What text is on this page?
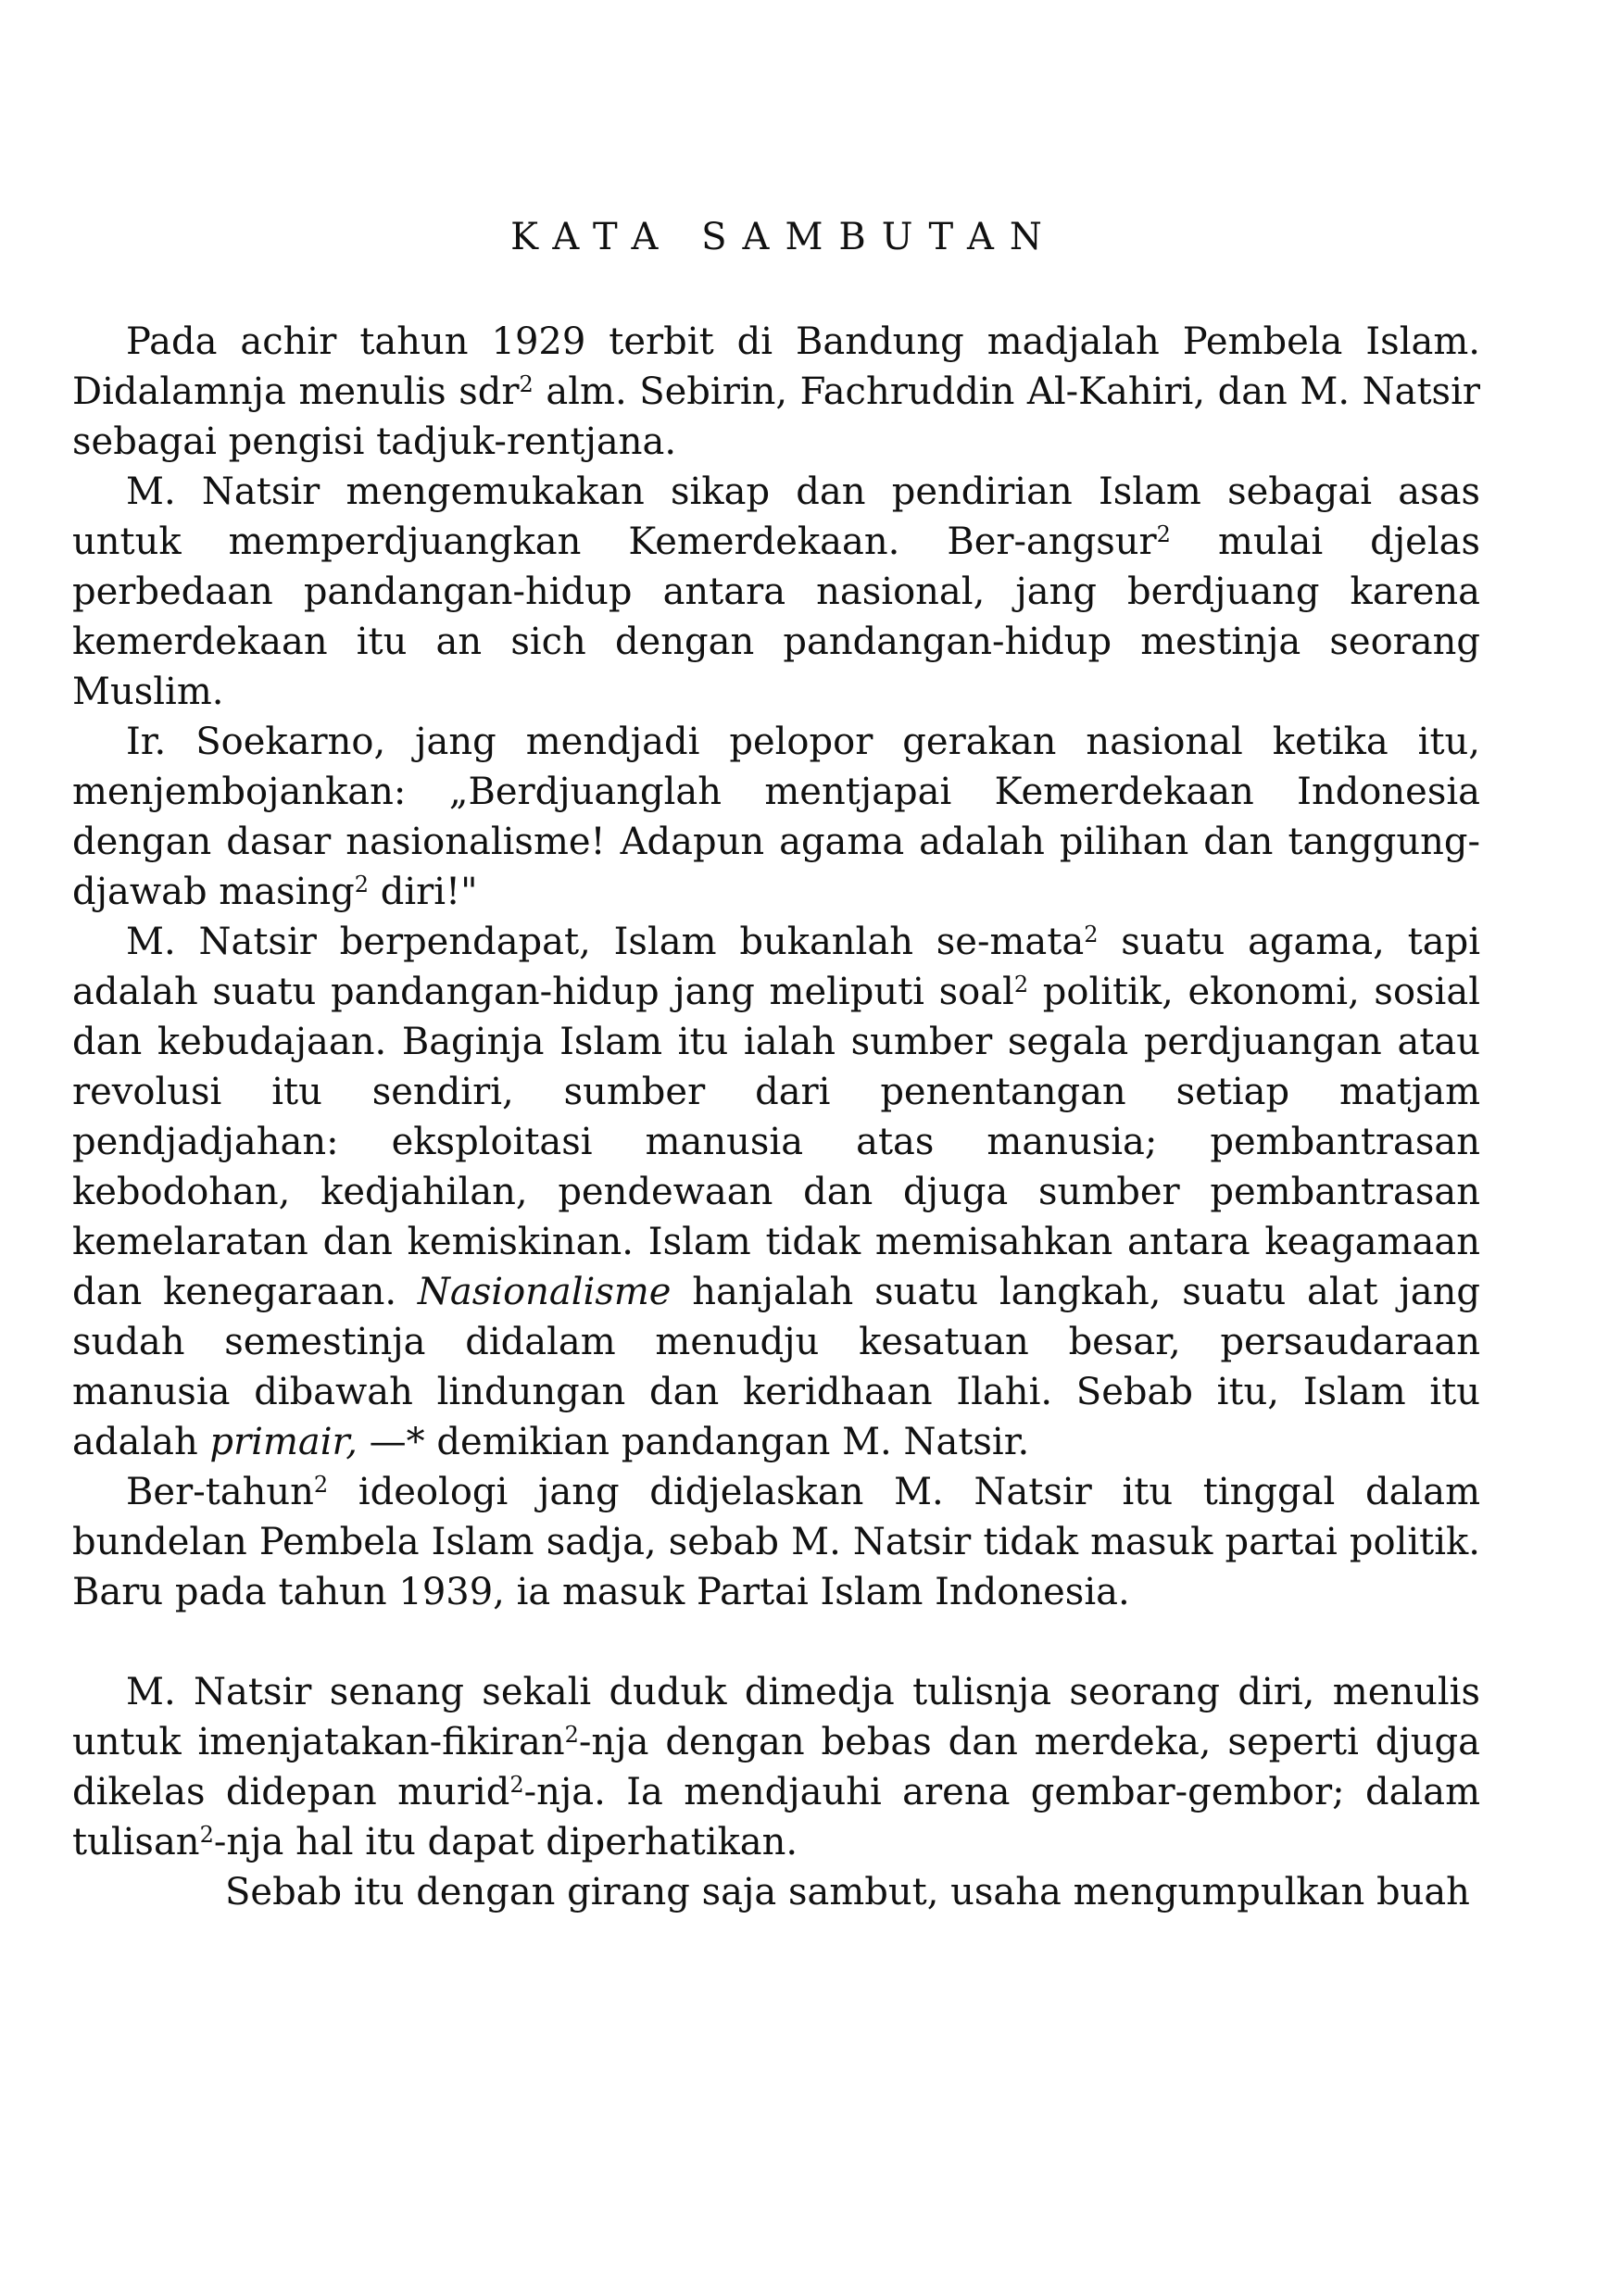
KATA SAMBUTAN

Pada achir tahun 1929 terbit di Bandung madjalah Pembela Islam. Didalamnja menulis sdr$^2$ alm. Sebirin, Fachruddin Al-Kahiri, dan M. Natsir sebagai pengisi tadjuk-rentjana.

M. Natsir mengemukakan sikap dan pendirian Islam sebagai asas untuk memperdjuangkan Kemerdekaan. Ber-angsur$^2$ mulai djelas perbedaan pandangan-hidup antara nasional, jang berdjuang karena kemerdekaan itu an sich dengan pandangan-hidup mestinja seorang Muslim.

Ir. Soekarno, jang mendjadi pelopor gerakan nasional ketika itu, menjembojankan: „Berdjuanglah mentjapai Kemerdekaan Indonesia dengan dasar nasionalisme! Adapun agama adalah pilihan dan tanggung-djawab masing$^2$ diri!"

M. Natsir berpendapat, Islam bukanlah se-mata$^2$ suatu agama, tapi adalah suatu pandangan-hidup jang meliputi soal$^2$ politik, ekonomi, sosial dan kebudajaan. Baginja Islam itu ialah sumber segala perdjuangan atau revolusi itu sendiri, sumber dari penentangan setiap matjam pendjadjahan: eksploitasi manusia atas manusia; pembantrasan kebodohan, kedjahilan, pendewaan dan djuga sumber pembantrasan kemelaratan dan kemiskinan. Islam tidak memisahkan antara keagamaan dan kenegaraan. Nasionalisme hanjalah suatu langkah, suatu alat jang sudah semestinja didalam menudju kesatuan besar, persaudaraan manusia dibawah lindungan dan keridhaan Ilahi. Sebab itu, Islam itu adalah primair, —* demikian pandangan M. Natsir.

Ber-tahun$^2$ ideologi jang didjelaskan M. Natsir itu tinggal dalam bundelan Pembela Islam sadja, sebab M. Natsir tidak masuk partai politik. Baru pada tahun 1939, ia masuk Partai Islam Indonesia.

M. Natsir senang sekali duduk dimedja tulisnja seorang diri, menulis untuk imenjatakan-fikiran$^2$-nja dengan bebas dan merdeka, seperti djuga dikelas didepan murid$^2$-nja. Ia mendjauhi arena gembar-gembor; dalam tulisan$^2$-nja hal itu dapat diperhatikan.

Sebab itu dengan girang saja sambut, usaha mengumpulkan buah
